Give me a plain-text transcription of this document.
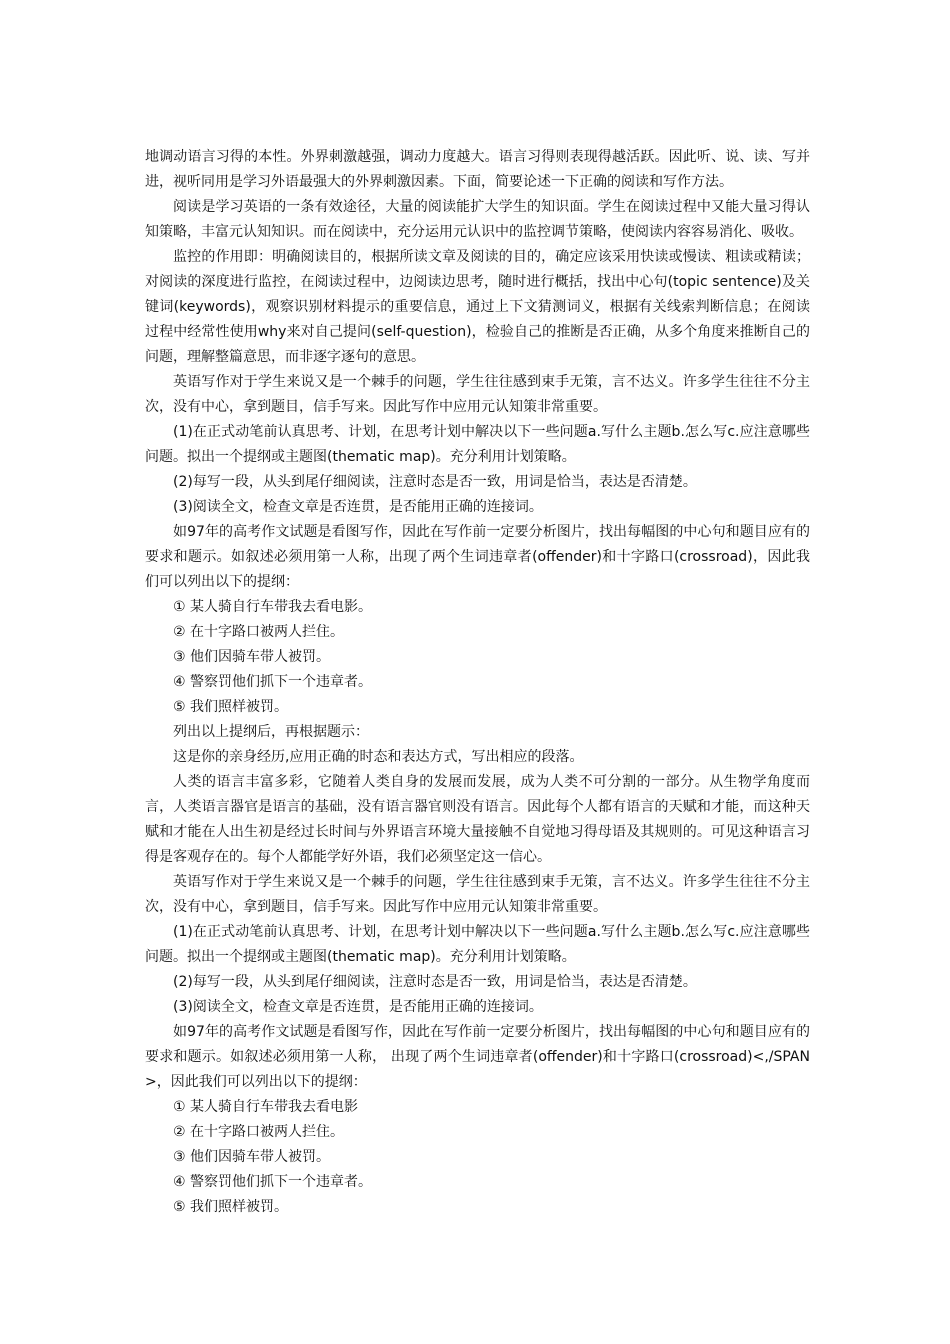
地调动语言习得的本性。外界刺激越强，调动力度越大。语言习得则表现得越活跃。因此听、说、读、写并进，视听同用是学习外语最强大的外界刺激因素。下面，简要论述一下正确的阅读和写作方法。

阅读是学习英语的一条有效途径，大量的阅读能扩大学生的知识面。学生在阅读过程中又能大量习得认知策略，丰富元认知知识。而在阅读中，充分运用元认识中的监控调节策略，使阅读内容容易消化、吸收。

监控的作用即：明确阅读目的，根据所读文章及阅读的目的，确定应该采用快读或慢读、粗读或精读；对阅读的深度进行监控，在阅读过程中，边阅读边思考，随时进行概括，找出中心句(topic sentence)及关键词(keywords)，观察识别材料提示的重要信息，通过上下文猜测词义，根据有关线索判断信息；在阅读过程中经常性使用why来对自己提问(self-question)，检验自己的推断是否正确，从多个角度来推断自己的问题，理解整篇意思，而非逐字逐句的意思。

英语写作对于学生来说又是一个棘手的问题，学生往往感到束手无策，言不达义。许多学生往往不分主次，没有中心，拿到题目，信手写来。因此写作中应用元认知策非常重要。

(1)在正式动笔前认真思考、计划，在思考计划中解决以下一些问题a.写什么主题b.怎么写c.应注意哪些问题。拟出一个提纲或主题图(thematic map)。充分利用计划策略。

(2)每写一段，从头到尾仔细阅读，注意时态是否一致，用词是恰当，表达是否清楚。

(3)阅读全文，检查文章是否连贯，是否能用正确的连接词。

如97年的高考作文试题是看图写作，因此在写作前一定要分析图片，找出每幅图的中心句和题目应有的要求和题示。如叙述必须用第一人称，出现了两个生词违章者(offender)和十字路口(crossroad)，因此我们可以列出以下的提纲：

① 某人骑自行车带我去看电影。

② 在十字路口被两人拦住。

③ 他们因骑车带人被罚。

④ 警察罚他们抓下一个违章者。

⑤ 我们照样被罚。

列出以上提纲后，再根据题示：

这是你的亲身经历,应用正确的时态和表达方式，写出相应的段落。

人类的语言丰富多彩，它随着人类自身的发展而发展，成为人类不可分割的一部分。从生物学角度而言，人类语言器官是语言的基础，没有语言器官则没有语言。因此每个人都有语言的天赋和才能，而这种天赋和才能在人出生初是经过长时间与外界语言环境大量接触不自觉地习得母语及其规则的。可见这种语言习得是客观存在的。每个人都能学好外语，我们必须坚定这一信心。

英语写作对于学生来说又是一个棘手的问题，学生往往感到束手无策，言不达义。许多学生往往不分主次，没有中心，拿到题目，信手写来。因此写作中应用元认知策非常重要。

(1)在正式动笔前认真思考、计划，在思考计划中解决以下一些问题a.写什么主题b.怎么写c.应注意哪些问题。拟出一个提纲或主题图(thematic map)。充分利用计划策略。

(2)每写一段，从头到尾仔细阅读，注意时态是否一致，用词是恰当，表达是否清楚。

(3)阅读全文，检查文章是否连贯，是否能用正确的连接词。

如97年的高考作文试题是看图写作，因此在写作前一定要分析图片，找出每幅图的中心句和题目应有的要求和题示。如叙述必须用第一人称， 出现了两个生词违章者(offender)和十字路口(crossroad)<,/SPAN>，因此我们可以列出以下的提纲：

① 某人骑自行车带我去看电影

② 在十字路口被两人拦住。

③ 他们因骑车带人被罚。

④ 警察罚他们抓下一个违章者。

⑤ 我们照样被罚。
